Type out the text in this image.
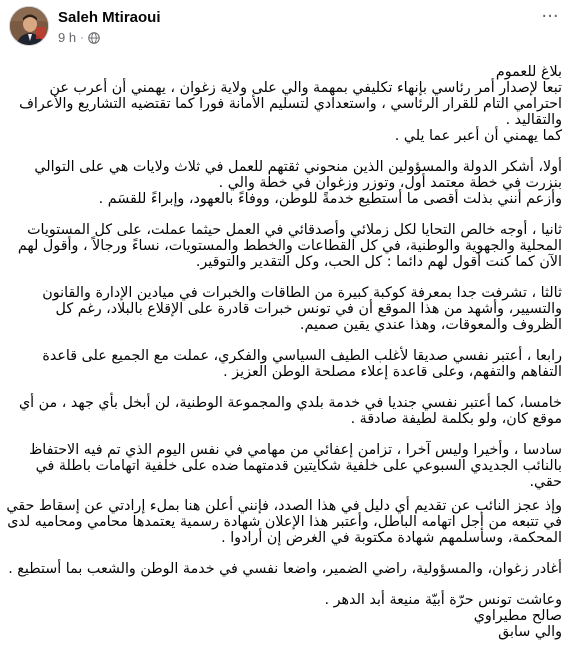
Saleh Mtiraoui
9 h ·
···

بلاغ للعموم

تبعا لإصدار أمر رئاسي بإنهاء تكليفي بمهمة والي على ولاية زغوان ، يهمني أن أعرب عن احترامي التام للقرار الرئاسي ، واستعدادي لتسليم الأمانة فورا كما تقتضيه التشاريع والأعراف والتقاليد .

كما يهمني أن أعبر عما يلي .

أولا، أشكر الدولة والمسؤولين الذين منحوني ثقتهم للعمل في ثلاث ولايات هي على التوالي بنزرت في خطة معتمد أول، وتوزر وزغوان في خطة والي .

وأزعم أنني بذلت أقصى ما أستطيع خدمةً للوطن، ووفاءً بالعهود، وإبراءً للقسَم .

ثانيا ، أوجه خالص التحايا لكل زملائي وأصدقائي في العمل حيثما عملت، على كل المستويات المحلية والجهوية والوطنية، في كل القطاعات والخطط والمستويات، نساءً ورجالاً ، وأقول لهم الآن كما كنت أقول لهم دائما : كل الحب، وكل التقدير والتوقير.

ثالثا ، تشرفت جدا بمعرفة كوكبة كبيرة من الطاقات والخبرات في ميادين الإدارة والقانون والتسيير، وأشهد من هذا الموقع أن في تونس خبرات قادرة على الإقلاع بالبلاد، رغم كل الظروف والمعوقات، وهذا عندي يقين صميم.

رابعا ، أعتبر نفسي صديقا لأغلب الطيف السياسي والفكري، عملت مع الجميع على قاعدة التفاهم والتفهم، وعلى قاعدة إعلاء مصلحة الوطن العزيز .

خامسا، كما أعتبر نفسي جنديا في خدمة بلدي والمجموعة الوطنية، لن أبخل بأي جهد ، من أي موقع كان، ولو بكلمة لطيفة صادقة .

سادسا ، وأخيرا وليس آخرا ، تزامن إعفائي من مهامي في نفس اليوم الذي تم فيه الاحتفاظ بالنائب الجديدي السبوعي على خلفية شكايتين قدمتهما ضده على خلفية اتهامات باطلة في حقي.

وإذ عجز النائب عن تقديم أي دليل في هذا الصدد، فإنني أعلن هنا بملء إرادتي عن إسقاط حقي في تتبعه من أجل اتهامه الباطل، وأعتبر هذا الإعلان شهادة رسمية يعتمدها محامي ومحاميه لدى المحكمة، وسأسلمهم شهادة مكتوبة في الغرض إن أرادوا .

أغادر زغوان، والمسؤولية، راضي الضمير، واضعا نفسي في خدمة الوطن والشعب بما أستطيع .

وعاشت تونس حرّة أبيّة منيعة أبد الدهر .

صالح مطيراوي

والي سابق
